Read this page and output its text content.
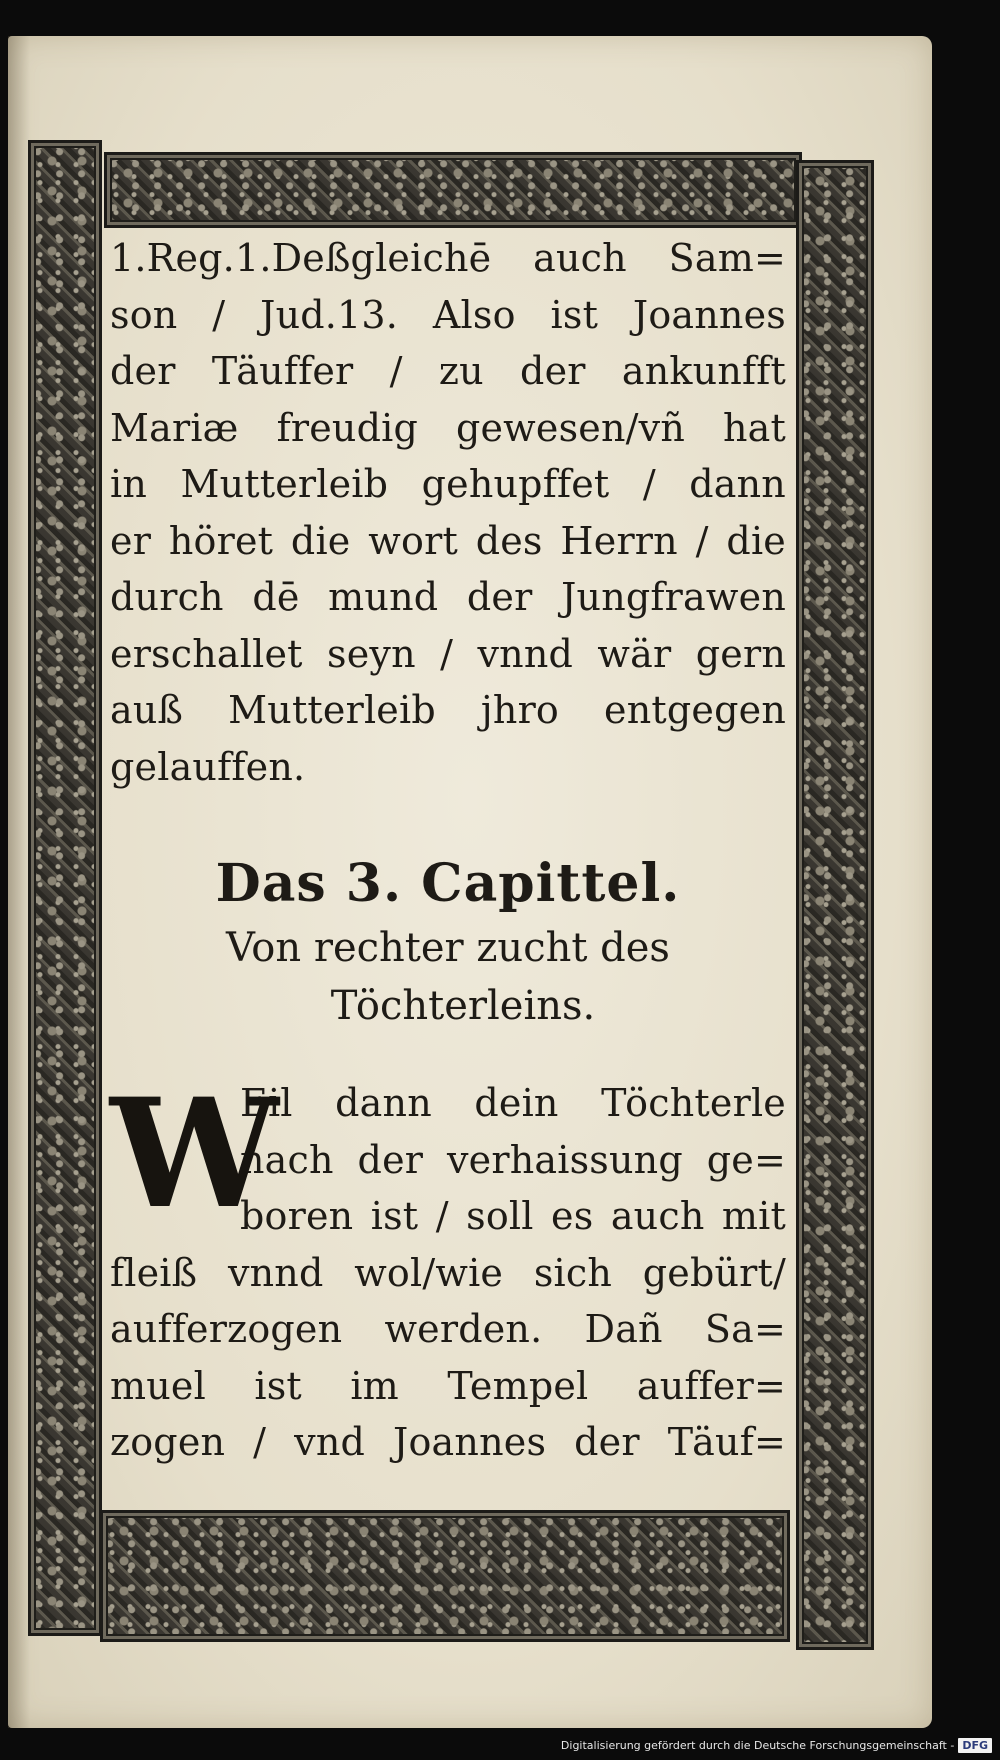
1.Reg.1.Deßgleichē auch Sam=
son / Jud.13. Also ist Joannes
der Täuffer / zu der ankunfft
Mariæ freudig gewesen/vñ hat
in Mutterleib gehupffet / dann
er höret die wort des Herrn / die
durch dē mund der Jungfrawen
erschallet seyn / vnnd wär gern
auß Mutterleib jhro entgegen
gelauffen.
Das 3. Capittel.
Von rechter zucht des
Töchterleins.
W
Eil dann dein Töchterle
nach der verhaissung ge=
boren ist / soll es auch mit
fleiß vnnd wol/wie sich gebürt/
aufferzogen werden. Dañ Sa=
muel ist im Tempel auffer=
zogen / vnd Joannes der Täuf=
Digitalisierung gefördert durch die Deutsche Forschungsgemeinschaft - DFG
